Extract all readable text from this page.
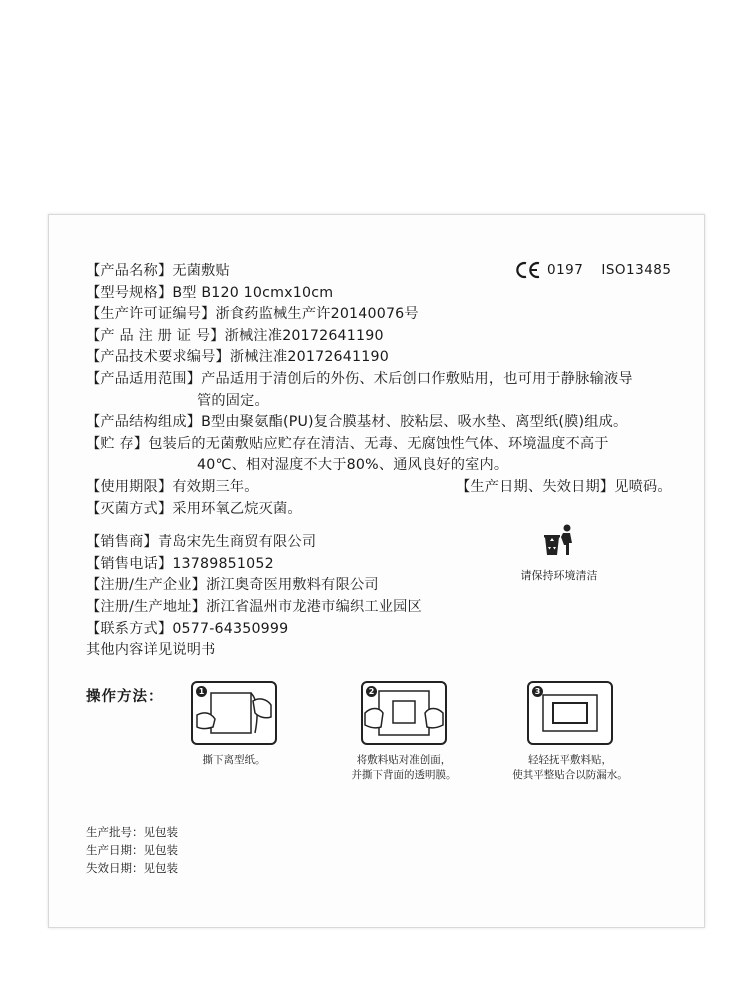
【产品名称】无菌敷贴
【型号规格】B型 B120 10cmx10cm
【生产许可证编号】浙食药监械生产许20140076号
【产 品 注 册 证 号】浙械注准20172641190
【产品技术要求编号】浙械注准20172641190
【产品适用范围】产品适用于清创后的外伤、术后创口作敷贴用，也可用于静脉输液导
管的固定。
【产品结构组成】B型由聚氨酯(PU)复合膜基材、胶粘层、吸水垫、离型纸(膜)组成。
【贮 存】包装后的无菌敷贴应贮存在清洁、无毒、无腐蚀性气体、环境温度不高于
40℃、相对湿度不大于80%、通风良好的室内。
【使用期限】有效期三年。	【生产日期、失效日期】见喷码。
【灭菌方式】采用环氧乙烷灭菌。
【销售商】青岛宋先生商贸有限公司
【销售电话】13789851052
【注册/生产企业】浙江奥奇医用敷料有限公司
【注册/生产地址】浙江省温州市龙港市编织工业园区
【联系方式】0577-64350999
其他内容详见说明书
0197 ISO13485
请保持环境清洁
操作方法：	1
撕下离型纸。
2
将敷料贴对准创面，
并撕下背面的透明膜。
3
轻轻抚平敷料贴，
使其平整贴合以防漏水。
生产批号：见包装
生产日期：见包装
失效日期：见包装
